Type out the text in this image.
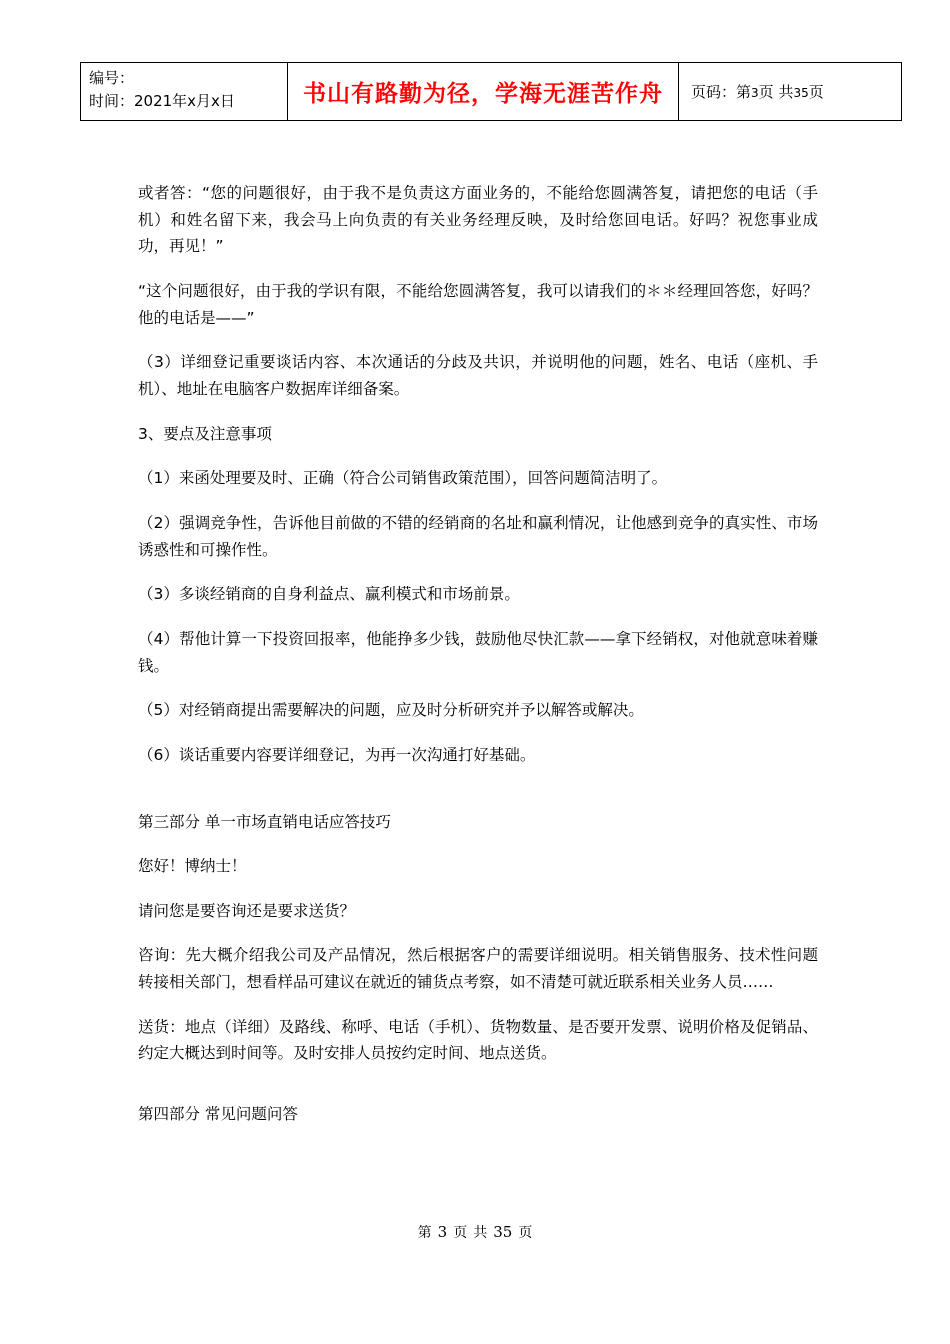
编号：
时间：2021年x月x日	书山有路勤为径，学海无涯苦作舟	页码：第3页 共35页

或者答：“您的问题很好，由于我不是负责这方面业务的，不能给您圆满答复，请把您的电话（手机）和姓名留下来，我会马上向负责的有关业务经理反映，及时给您回电话。好吗？祝您事业成功，再见！”

“这个问题很好，由于我的学识有限，不能给您圆满答复，我可以请我们的＊＊经理回答您，好吗？他的电话是——”

（3）详细登记重要谈话内容、本次通话的分歧及共识，并说明他的问题，姓名、电话（座机、手机）、地址在电脑客户数据库详细备案。

3、要点及注意事项

（1）来函处理要及时、正确（符合公司销售政策范围），回答问题简洁明了。

（2）强调竞争性，告诉他目前做的不错的经销商的名址和赢利情况，让他感到竞争的真实性、市场诱惑性和可操作性。

（3）多谈经销商的自身利益点、赢利模式和市场前景。

（4）帮他计算一下投资回报率，他能挣多少钱，鼓励他尽快汇款——拿下经销权，对他就意味着赚钱。

（5）对经销商提出需要解决的问题，应及时分析研究并予以解答或解决。

（6）谈话重要内容要详细登记，为再一次沟通打好基础。

第三部分 单一市场直销电话应答技巧

您好！博纳士！

请问您是要咨询还是要求送货？

咨询：先大概介绍我公司及产品情况，然后根据客户的需要详细说明。相关销售服务、技术性问题转接相关部门，想看样品可建议在就近的铺货点考察，如不清楚可就近联系相关业务人员……

送货：地点（详细）及路线、称呼、电话（手机）、货物数量、是否要开发票、说明价格及促销品、约定大概达到时间等。及时安排人员按约定时间、地点送货。

第四部分 常见问题问答

第 3 页 共 35 页
